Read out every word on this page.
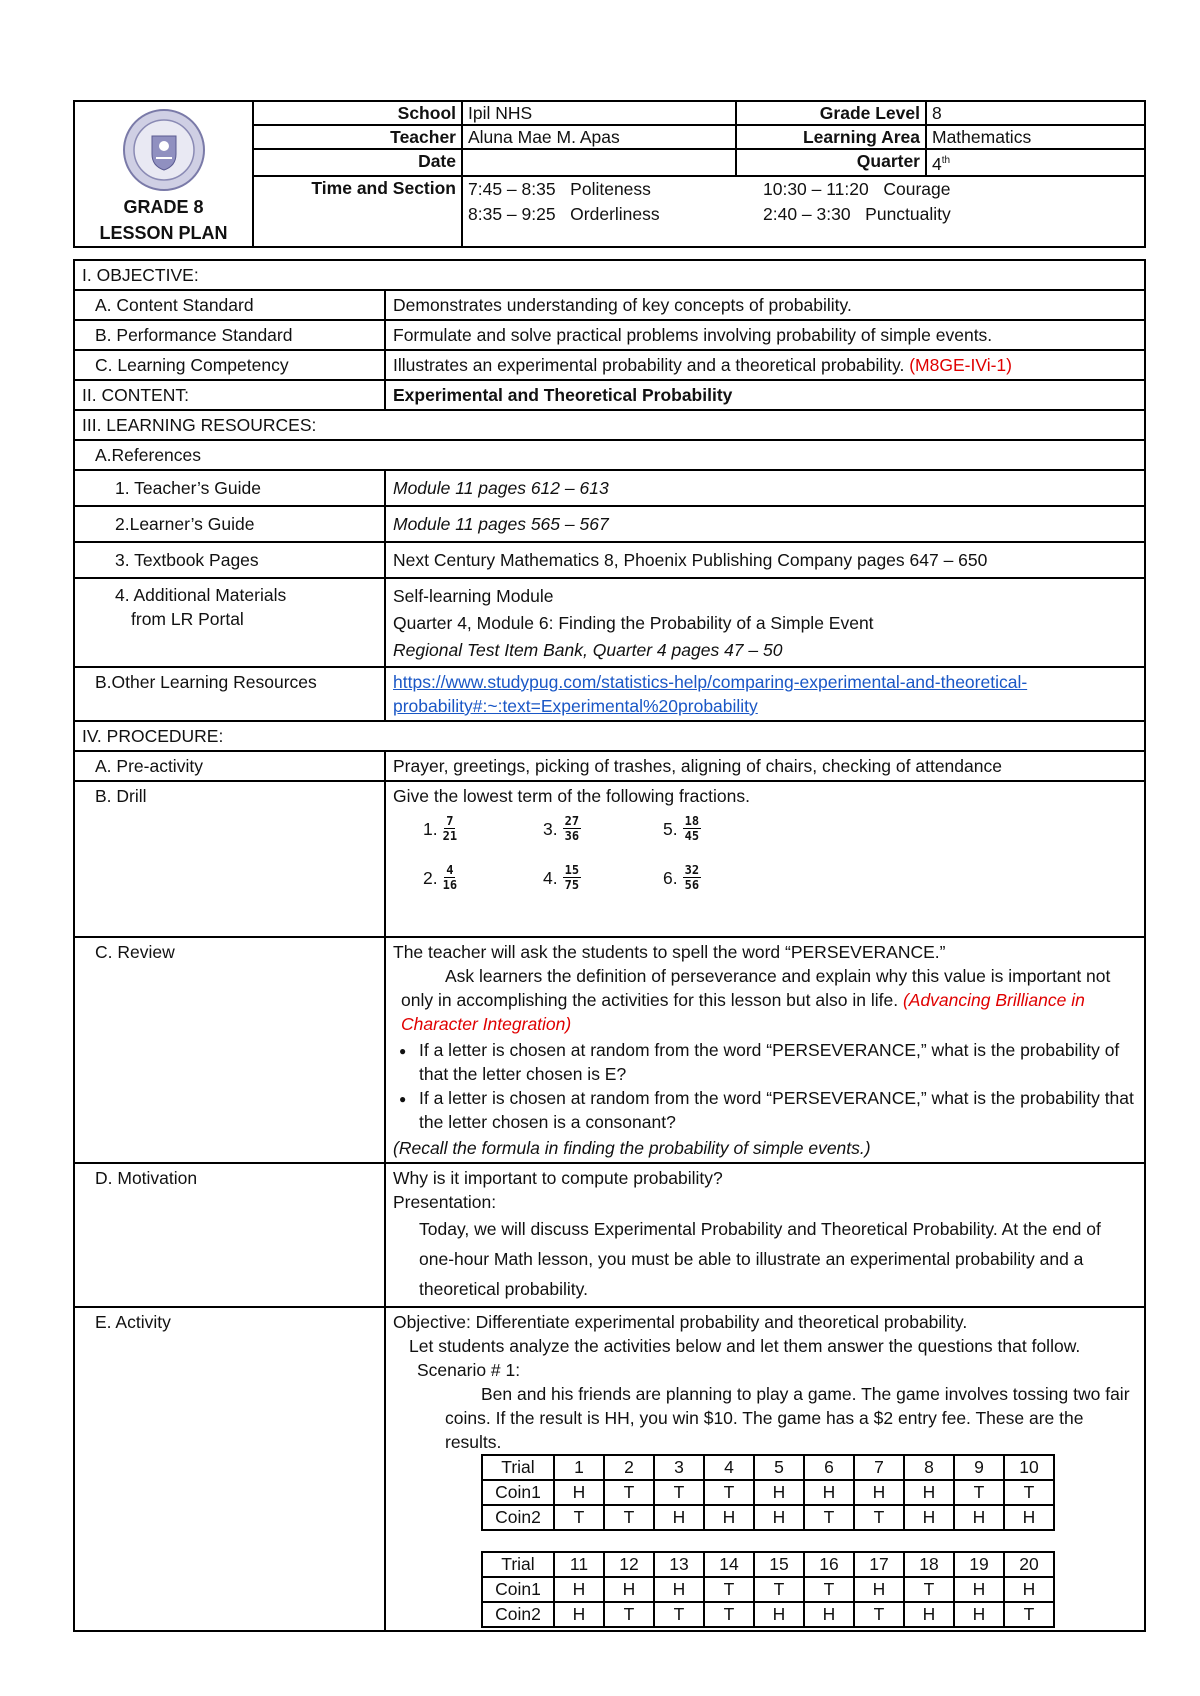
GRADE 8
LESSON PLAN	School	Ipil NHS	Grade Level	8
	Teacher	Aluna Mae M. Apas	Learning Area	Mathematics
	Date		Quarter	4th
	Time and Section	7:45 – 8:35 Politeness 10:30 – 11:20 Courage
8:35 – 9:25 Orderliness 2:40 – 3:30 Punctuality		

I. OBJECTIVE:
A. Content Standard	Demonstrates understanding of key concepts of probability.
B. Performance Standard	Formulate and solve practical problems involving probability of simple events.
C. Learning Competency	Illustrates an experimental probability and a theoretical probability. (M8GE-IVi-1)
II. CONTENT:	Experimental and Theoretical Probability
III. LEARNING RESOURCES:
A.References
1. Teacher’s Guide	Module 11 pages 612 – 613
2.Learner’s Guide	Module 11 pages 565 – 567
3. Textbook Pages	Next Century Mathematics 8, Phoenix Publishing Company pages 647 – 650

4. Additional Materials
from LR Portal

Self-learning Module
Quarter 4, Module 6: Finding the Probability of a Simple Event
Regional Test Item Bank, Quarter 4 pages 47 – 50

B.Other Learning Resources	https://www.studypug.com/statistics-help/comparing-experimental-and-theoretical-
probability#:~:text=Experimental%20probability

IV. PROCEDURE:
A. Pre-activity	Prayer, greetings, picking of trashes, aligning of chairs, checking of attendance
B. Drill	Give the lowest term of the following fractions.
1. $\frac{7}{21}$	3. $\frac{27}{36}$	5. $\frac{18}{45}$
2. $\frac{4}{16}$	4. $\frac{15}{75}$	6. $\frac{32}{56}$

C. Review	The teacher will ask the students to spell the word “PERSEVERANCE.”
Ask learners the definition of perseverance and explain why this value is important not only in accomplishing the activities for this lesson but also in life. (Advancing Brilliance in Character Integration)
● If a letter is chosen at random from the word “PERSEVERANCE,” what is the probability of that the letter chosen is E?
● If a letter is chosen at random from the word “PERSEVERANCE,” what is the probability that the letter chosen is a consonant?
(Recall the formula in finding the probability of simple events.)

D. Motivation	Why is it important to compute probability?
Presentation:
Today, we will discuss Experimental Probability and Theoretical Probability. At the end of one-hour Math lesson, you must be able to illustrate an experimental probability and a theoretical probability.

E. Activity	Objective: Differentiate experimental probability and theoretical probability.
Let students analyze the activities below and let them answer the questions that follow.
Scenario # 1:
Ben and his friends are planning to play a game. The game involves tossing two fair coins. If the result is HH, you win $10. The game has a $2 entry fee. These are the results.
Trial	1	2	3	4	5	6	7	8	9	10
Coin1	H	T	T	T	H	H	H	H	T	T
Coin2	T	T	H	H	H	T	T	H	H	H
Trial	11	12	13	14	15	16	17	18	19	20
Coin1	H	H	H	T	T	T	H	T	H	H
Coin2	H	T	T	T	H	H	T	H	H	T
